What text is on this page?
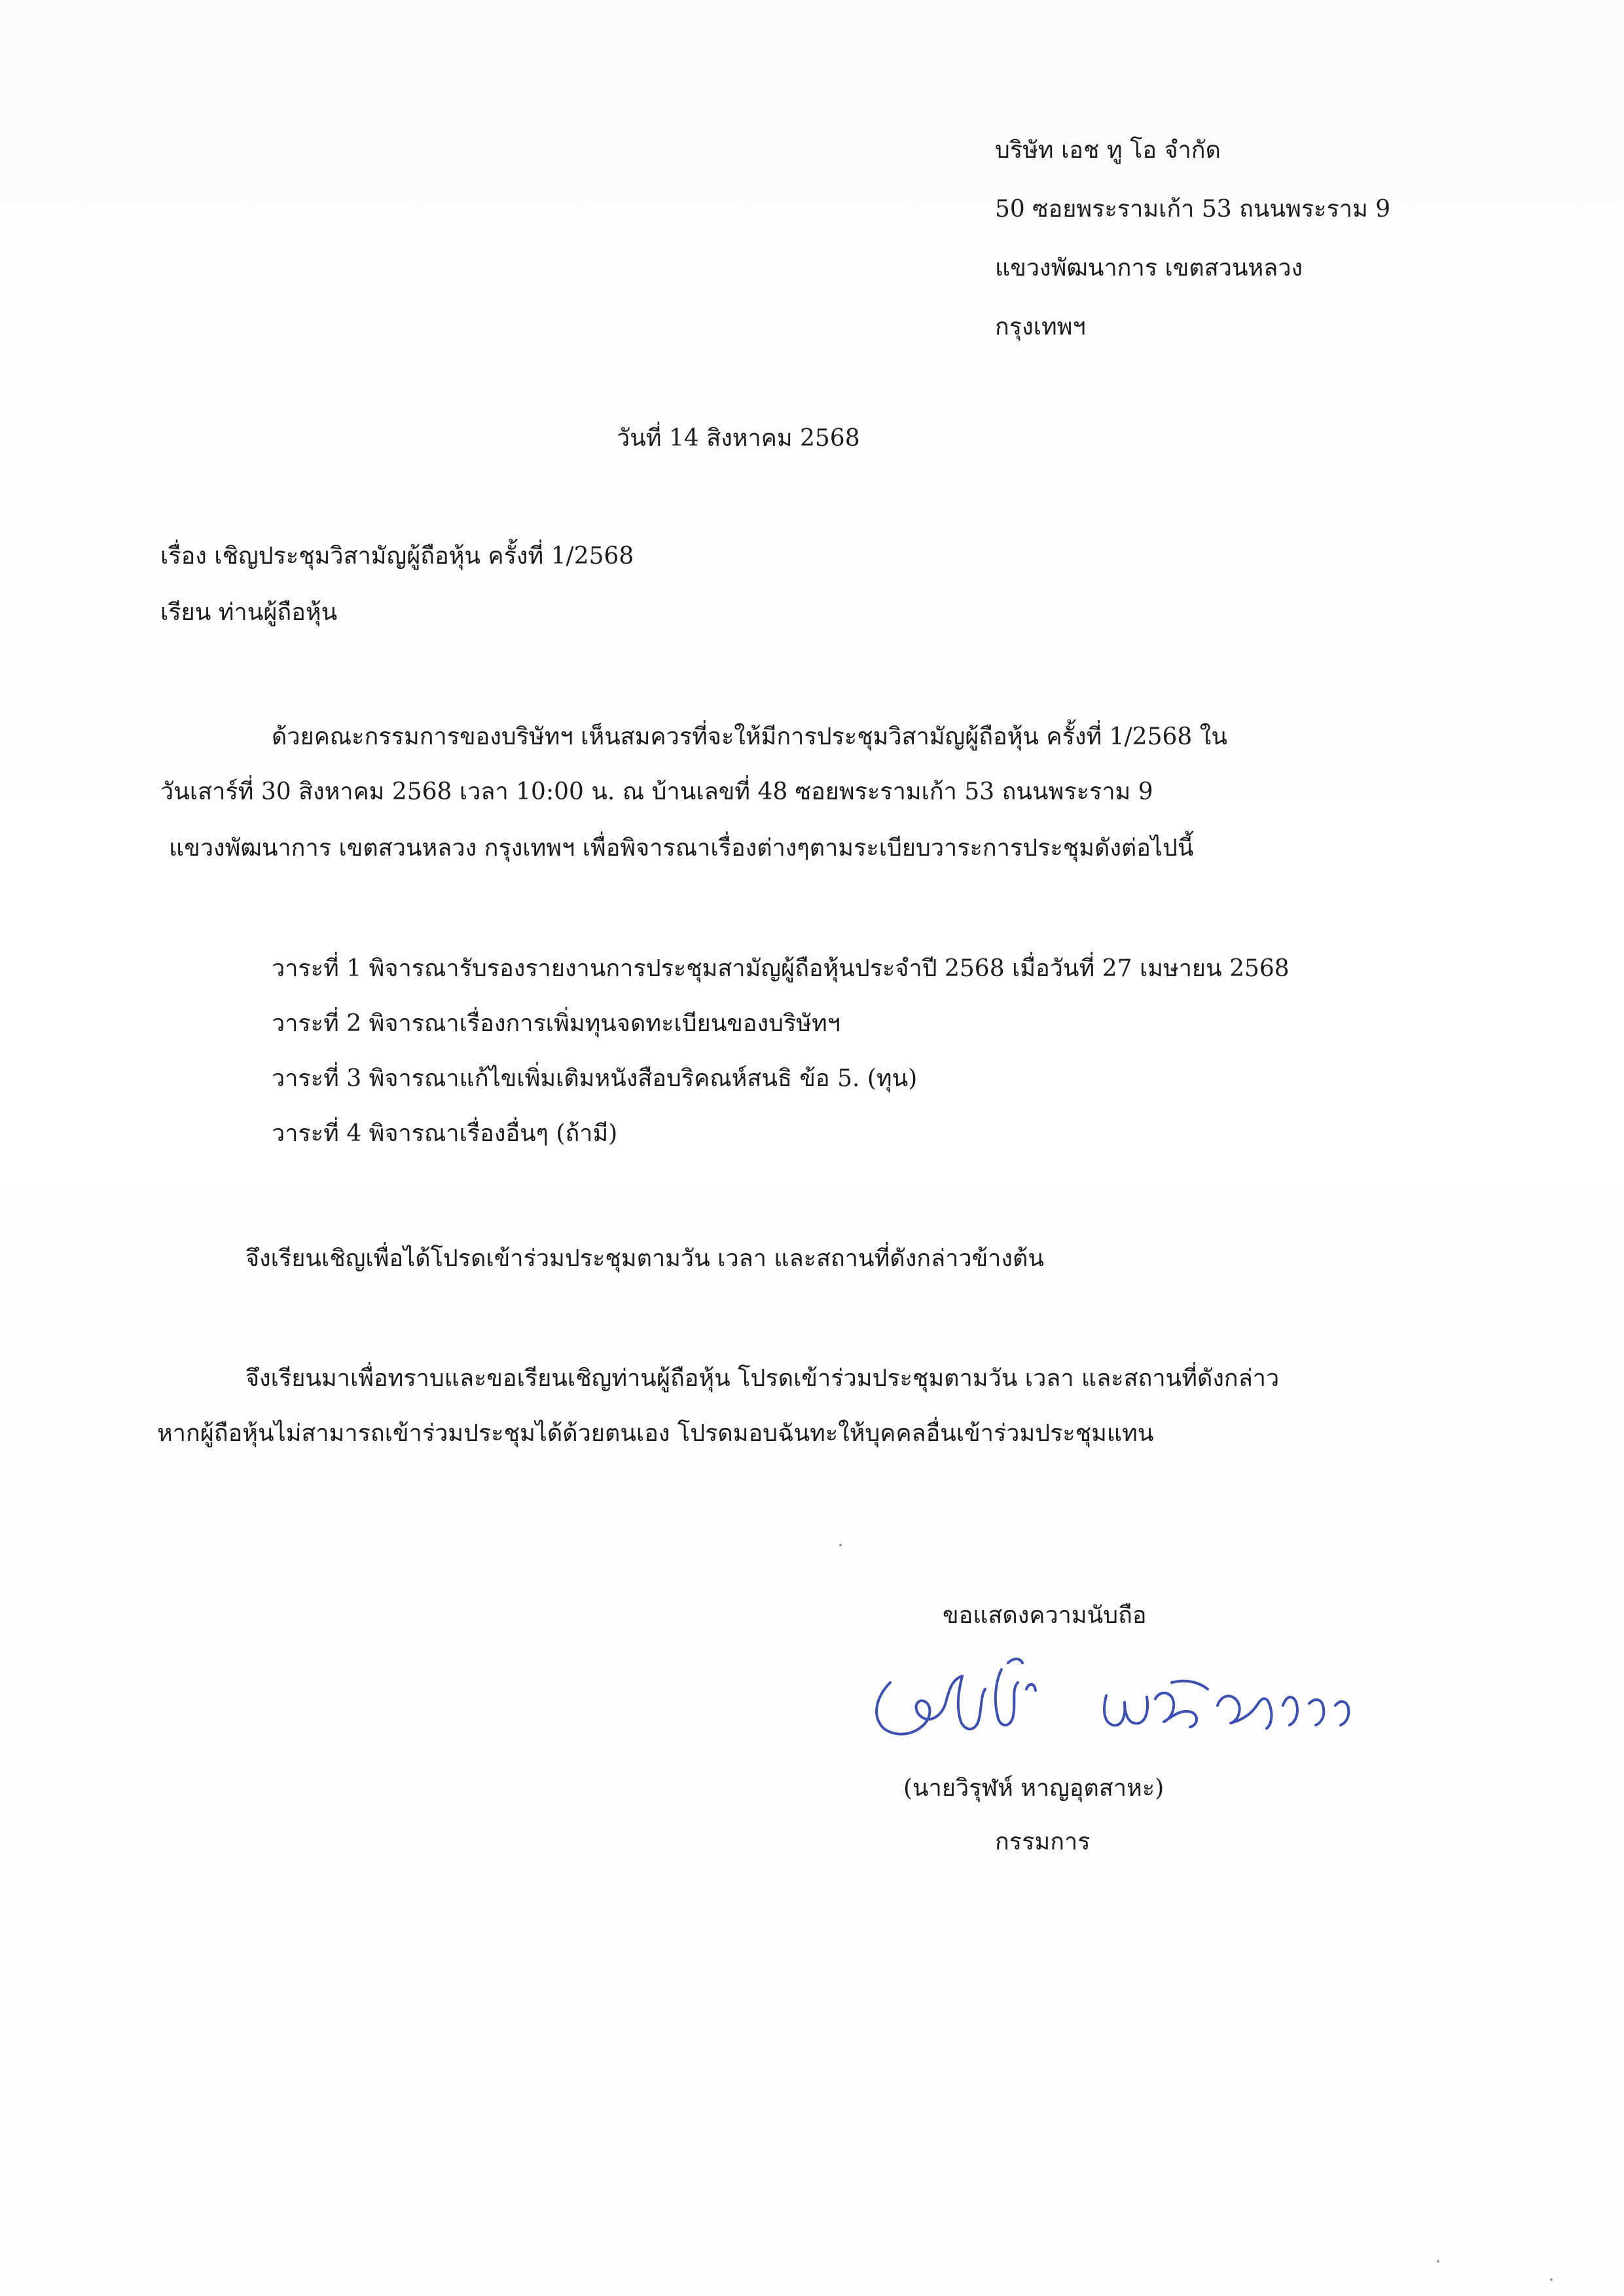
บริษัท เอช ทู โอ จำกัด
50 ซอยพระรามเก้า 53 ถนนพระราม 9
แขวงพัฒนาการ เขตสวนหลวง
กรุงเทพฯ
วันที่ 14 สิงหาคม 2568
เรื่อง เชิญประชุมวิสามัญผู้ถือหุ้น ครั้งที่ 1/2568
เรียน ท่านผู้ถือหุ้น
ด้วยคณะกรรมการของบริษัทฯ เห็นสมควรที่จะให้มีการประชุมวิสามัญผู้ถือหุ้น ครั้งที่ 1/2568 ใน
วันเสาร์ที่ 30 สิงหาคม 2568 เวลา 10:00 น. ณ บ้านเลขที่ 48 ซอยพระรามเก้า 53 ถนนพระราม 9
แขวงพัฒนาการ เขตสวนหลวง กรุงเทพฯ เพื่อพิจารณาเรื่องต่างๆตามระเบียบวาระการประชุมดังต่อไปนี้
วาระที่ 1 พิจารณารับรองรายงานการประชุมสามัญผู้ถือหุ้นประจำปี 2568 เมื่อวันที่ 27 เมษายน 2568
วาระที่ 2 พิจารณาเรื่องการเพิ่มทุนจดทะเบียนของบริษัทฯ
วาระที่ 3 พิจารณาแก้ไขเพิ่มเติมหนังสือบริคณห์สนธิ ข้อ 5. (ทุน)
วาระที่ 4 พิจารณาเรื่องอื่นๆ (ถ้ามี)
จึงเรียนเชิญเพื่อได้โปรดเข้าร่วมประชุมตามวัน เวลา และสถานที่ดังกล่าวข้างต้น
จึงเรียนมาเพื่อทราบและขอเรียนเชิญท่านผู้ถือหุ้น โปรดเข้าร่วมประชุมตามวัน เวลา และสถานที่ดังกล่าว
หากผู้ถือหุ้นไม่สามารถเข้าร่วมประชุมได้ด้วยตนเอง โปรดมอบฉันทะให้บุคคลอื่นเข้าร่วมประชุมแทน
ขอแสดงความนับถือ
(นายวิรุฬห์ หาญอุตสาหะ)
กรรมการ
